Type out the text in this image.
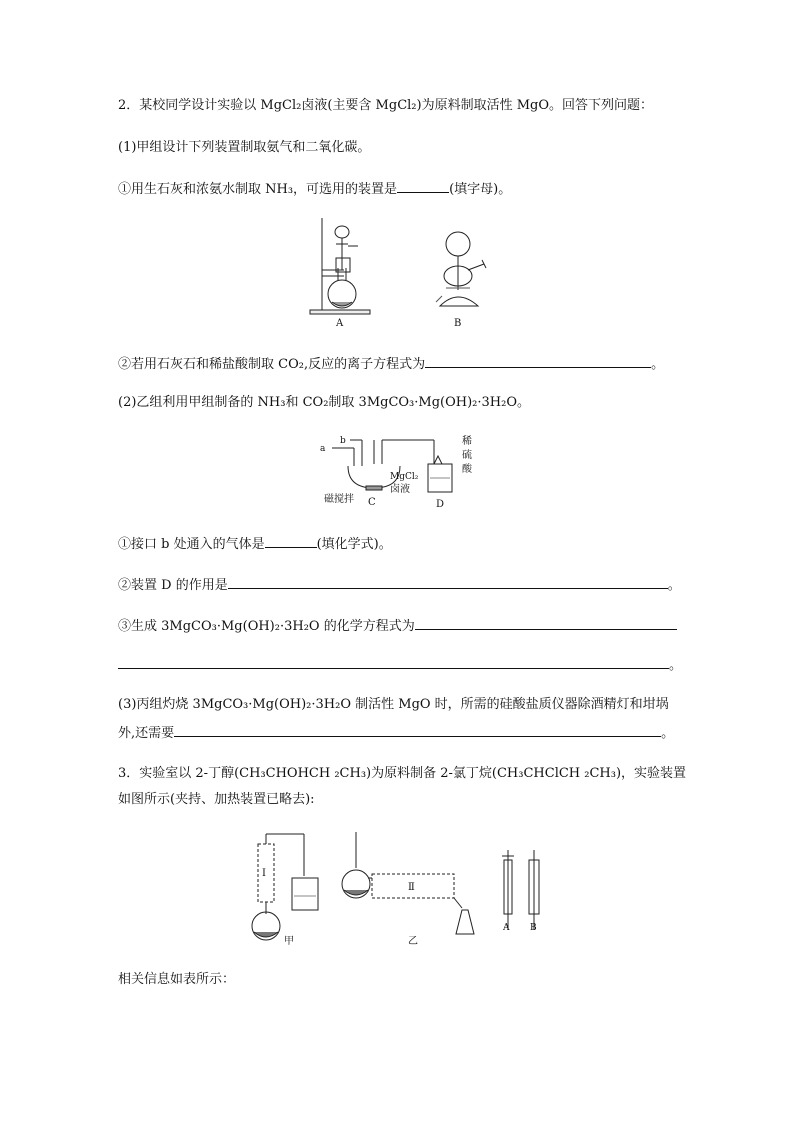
2．某校同学设计实验以 MgCl₂卤液(主要含 MgCl₂)为原料制取活性 MgO。回答下列问题：
(1)甲组设计下列装置制取氨气和二氧化碳。
①用生石灰和浓氨水制取 NH₃，可选用的装置是	(填字母)。
A	B
②若用石灰石和稀盐酸制取 CO₂,反应的离子方程式为	。
(2)乙组利用甲组制备的 NH₃和 CO₂制取 3MgCO₃·Mg(OH)₂·3H₂O。
a
b
MgCl₂
卤液
磁搅拌 C	D
稀
硫
酸
①接口 b 处通入的气体是	(填化学式)。
②装置 D 的作用是	。
③生成 3MgCO₃·Mg(OH)₂·3H₂O 的化学方程式为
。
(3)丙组灼烧 3MgCO₃·Mg(OH)₂·3H₂O 制活性 MgO 时，所需的硅酸盐质仪器除酒精灯和坩埚
外,还需要	。
3．实验室以 2-丁醇(CH₃CHOHCH ₂CH₃)为原料制备 2-氯丁烷(CH₃CHClCH ₂CH₃)，实验装置
如图所示(夹持、加热装置已略去):
Ⅰ
Ⅱ
甲	乙
A B
相关信息如表所示：
